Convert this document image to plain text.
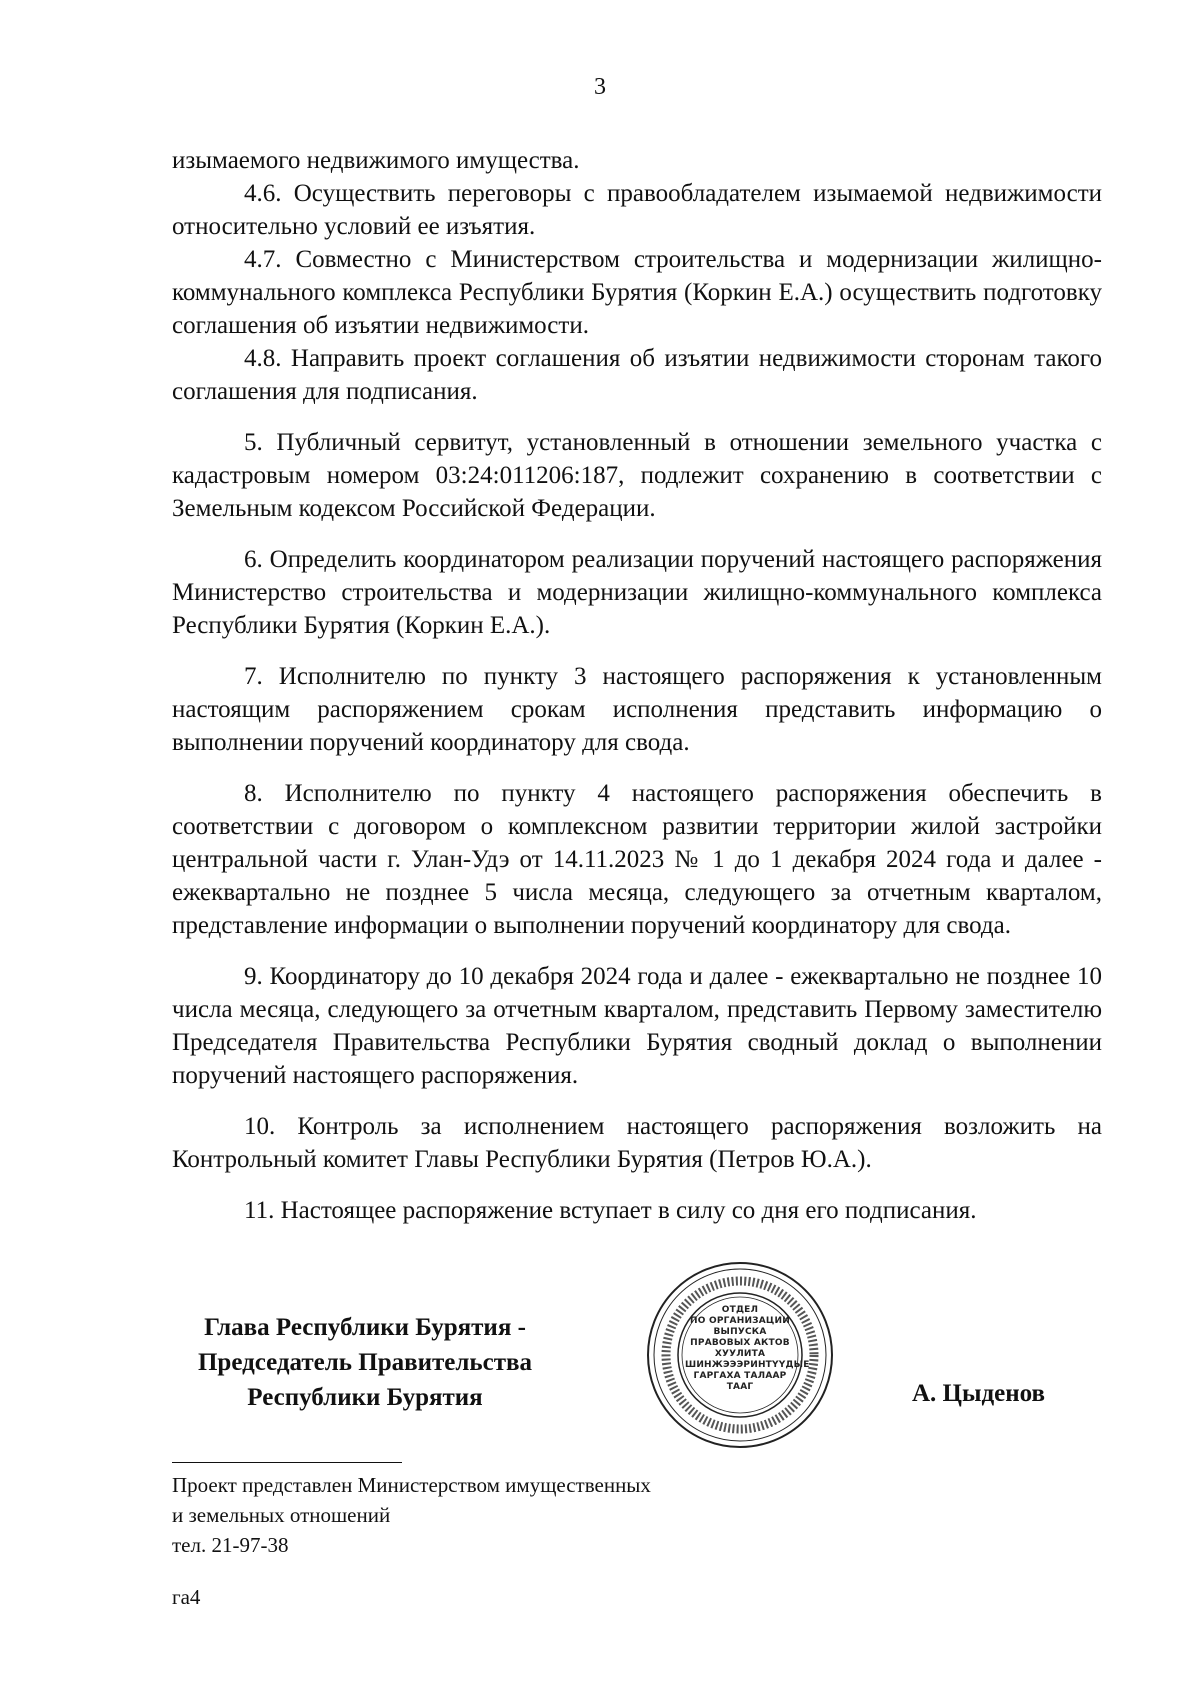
3

изымаемого недвижимого имущества.

4.6. Осуществить переговоры с правообладателем изымаемой недвижимости относительно условий ее изъятия.

4.7. Совместно с Министерством строительства и модернизации жилищно-коммунального комплекса Республики Бурятия (Коркин Е.А.) осуществить подготовку соглашения об изъятии недвижимости.

4.8. Направить проект соглашения об изъятии недвижимости сторонам такого соглашения для подписания.

5. Публичный сервитут, установленный в отношении земельного участка с кадастровым номером 03:24:011206:187, подлежит сохранению в соответствии с Земельным кодексом Российской Федерации.

6. Определить координатором реализации поручений настоящего распоряжения Министерство строительства и модернизации жилищно-коммунального комплекса Республики Бурятия (Коркин Е.А.).

7. Исполнителю по пункту 3 настоящего распоряжения к установленным настоящим распоряжением срокам исполнения представить информацию о выполнении поручений координатору для свода.

8. Исполнителю по пункту 4 настоящего распоряжения обеспечить в соответствии с договором о комплексном развитии территории жилой застройки центральной части г. Улан-Удэ от 14.11.2023 № 1 до 1 декабря 2024 года и далее - ежеквартально не позднее 5 числа месяца, следующего за отчетным кварталом, представление информации о выполнении поручений координатору для свода.

9. Координатору до 10 декабря 2024 года и далее - ежеквартально не позднее 10 числа месяца, следующего за отчетным кварталом, представить Первому заместителю Председателя Правительства Республики Бурятия сводный доклад о выполнении поручений настоящего распоряжения.

10. Контроль за исполнением настоящего распоряжения возложить на Контрольный комитет Главы Республики Бурятия (Петров Ю.А.).

11. Настоящее распоряжение вступает в силу со дня его подписания.

Глава Республики Бурятия -
Председатель Правительства
Республики Бурятия
ОТДЕЛ
ПО ОРГАНИЗАЦИИ
ВЫПУСКА
ПРАВОВЫХ АКТОВ
ХУУЛИТА
ШИНЖЭЭЭРИНТҮҮДЫЕ
ГАРГАХА ТАЛААР
ТААГ	А. Цыденов
Проект представлен Министерством имущественных
и земельных отношений
тел. 21-97-38
га4
